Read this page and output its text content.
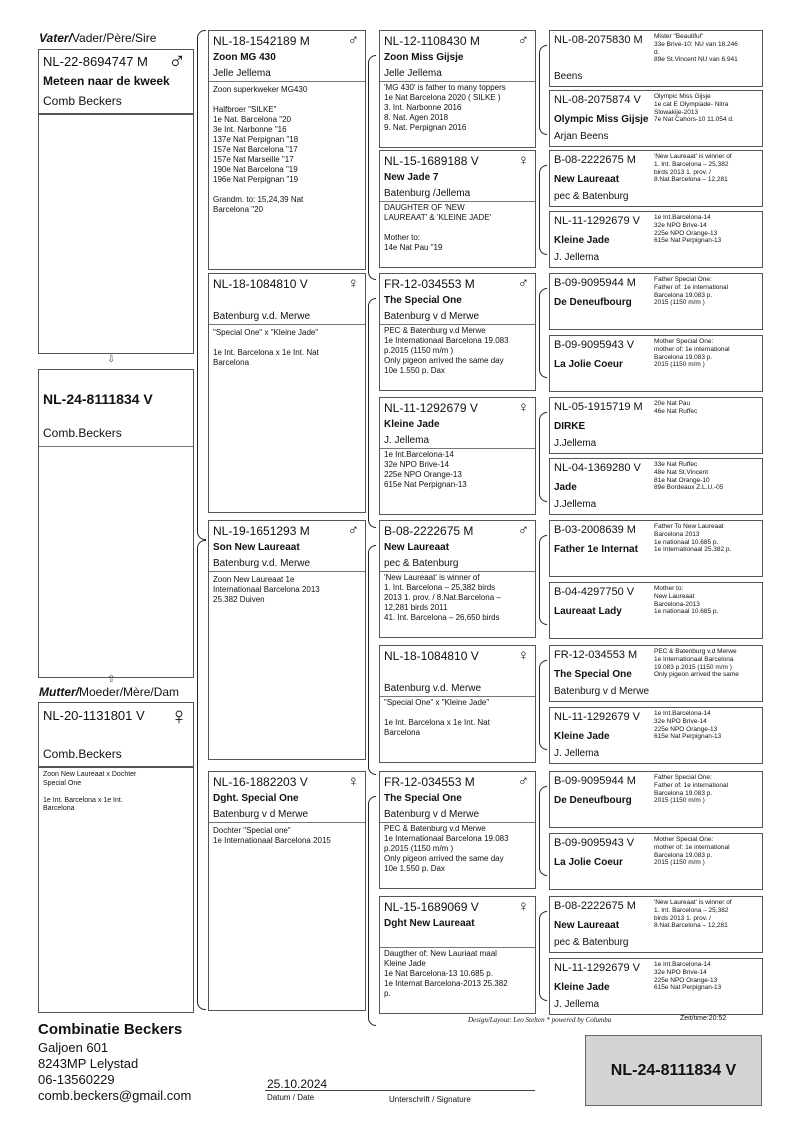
Vater/Vader/Père/Sire
NL-22-8694747 M ♂
Meteen naar de kweek
Comb Beckers
⇩
NL-24-8111834 V
Comb.Beckers
⇧
Mutter/Moeder/Mère/Dam
NL-20-1131801 V ♀
Comb.Beckers
Zoon New Laureaat x Dochter
Special One

1e Int. Barcelona x 1e Int.
Barcelona
NL-18-1542189 M	♂
Zoon MG 430
Jelle Jellema
Zoon superkweker MG430

Halfbroer "SILKE"
1e Nat. Barcelona "20
3e Int. Narbonne "16
137e Nat Perpignan "18
157e Nat Barcelona "17
157e Nat Marseille "17
190e Nat Barcelona "19
196e Nat Perpignan "19

Grandm. to: 15,24,39 Nat
Barcelona "20
NL-18-1084810 V	♀
Batenburg v.d. Merwe
"Special One" x "Kleine Jade"

1e Int. Barcelona x 1e Int. Nat
Barcelona
NL-19-1651293 M	♂
Son New Laureaat
Batenburg v.d. Merwe
Zoon New Laureaat 1e
Internationaal Barcelona 2013
25.382 Duiven
NL-16-1882203 V	♀
Dght. Special One
Batenburg v d Merwe
Dochter "Special one"
1e Internationaal Barcelona 2015
NL-12-1108430 M	♂
Zoon Miss Gijsje
Jelle Jellema
'MG 430' is father to many toppers
1e Nat Barcelona 2020 ( SILKE )
3. Int. Narbonne 2016
8. Nat. Agen 2018
9. Nat. Perpignan 2016
NL-15-1689188 V	♀
New Jade 7
Batenburg /Jellema
DAUGHTER OF 'NEW
LAUREAAT' & 'KLEINE JADE'

Mother to:
14e Nat Pau "19
FR-12-034553 M	♂
The Special One
Batenburg v d Merwe
PEC & Batenburg v.d Merwe
1e Internationaal Barcelona 19.083
p.2015 (1150 m/m )
Only pigeon arrived the same day
10e 1.550 p. Dax
NL-11-1292679 V	♀
Kleine Jade
J. Jellema
1e Int.Barcelona-14
32e NPO Brive-14
225e NPO Orange-13
615e Nat Perpignan-13
B-08-2222675 M	♂
New Laureaat
pec & Batenburg
'New Laureaat' is winner of
1. Int. Barcelona – 25,382 birds
2013 1. prov. / 8.Nat.Barcelona –
12,281 birds 2011
41. Int. Barcelona – 26,650 birds
NL-18-1084810 V	♀
Batenburg v.d. Merwe
"Special One" x "Kleine Jade"

1e Int. Barcelona x 1e Int. Nat
Barcelona
FR-12-034553 M	♂
The Special One
Batenburg v d Merwe
PEC & Batenburg v.d Merwe
1e Internationaal Barcelona 19.083
p.2015 (1150 m/m )
Only pigeon arrived the same day
10e 1.550 p. Dax
NL-15-1689069 V	♀
Dght New Laureaat
Daugther of: New Lauriaat maal
Kleine Jade
1e Nat Barcelona-13 10.685 p.
1e Internat Barcelona-2013 25.382
p.
NL-08-2075830 M Mister "Beautiful"
33e Brive-10: NU van 18.246
d.
89e St.Vincent NU van 6.941
Beens
NL-08-2075874 V Olympic Miss Gijsje
1e cat E Olympiade- Nitra
Slowakije-2013
7e Nat Cahors-10 11.054 d.
Olympic Miss Gijsje
Arjan Beens
B-08-2222675 M	'New Laureaat' is winner of
1. Int. Barcelona – 25,382
birds 2013 1. prov. /
8.Nat.Barcelona – 12,281
New Laureaat
pec & Batenburg
NL-11-1292679 V 1e Int.Barcelona-14
32e NPO Brive-14
225e NPO Orange-13
615e Nat Perpignan-13
Kleine Jade
J. Jellema
B-09-9095944 M	Father Special One:
Father of: 1e international
Barcelona 19.083 p.
2015 (1150 m/m )
De Deneufbourg
B-09-9095943 V	Mother Special One:
mother of: 1e international
Barcelona 19.083 p.
2015 (1150 m/m )
La Jolie Coeur
NL-05-1915719 M 20e Nat Pau
46e Nat Ruffec
DIRKE
J.Jellema
NL-04-1369280 V 33e Nat Ruffec
48e Nat St.Vincent
81e Nat Orange-10
89e Bordeaux Z.L.U.-05
Jade
J.Jellema
B-03-2008639 M	Father To New Laureaat
Barcelona 2013
1e nationaal 10.685 p.
1e Internationaal 25.382 p.
Father 1e Internat
B-04-4297750 V	Mother to:
New Laureaat
Barcelona-2013
1e nationaal 10.685 p.
Laureaat Lady
FR-12-034553 M	PEC & Batenburg v.d Merwe
1e Internationaal Barcelona
19.083 p.2015 (1150 m/m )
Only pigeon arrived the same
The Special One
Batenburg v d Merwe
NL-11-1292679 V 1e Int.Barcelona-14
32e NPO Brive-14
225e NPO Orange-13
615e Nat Perpignan-13
Kleine Jade
J. Jellema
B-09-9095944 M	Father Special One:
Father of: 1e international
Barcelona 19.083 p.
2015 (1150 m/m )
De Deneufbourg
B-09-9095943 V	Mother Special One:
mother of: 1e international
Barcelona 19.083 p.
2015 (1150 m/m )
La Jolie Coeur
B-08-2222675 M	'New Laureaat' is winner of
1. Int. Barcelona – 25,382
birds 2013 1. prov. /
8.Nat.Barcelona – 12,281
New Laureaat
pec & Batenburg
NL-11-1292679 V 1e Int.Barcelona-14
32e NPO Brive-14
225e NPO Orange-13
615e Nat Perpignan-13
Kleine Jade
J. Jellema
Combinatie Beckers
Galjoen 601
8243MP Lelystad
06-13560229
comb.beckers@gmail.com
25.10.2024
Datum / Date	Unterschrift / Signature
Design/Layout: Leo Stelten * powered by Columba	Zeit/time:20:52
NL-24-8111834 V
